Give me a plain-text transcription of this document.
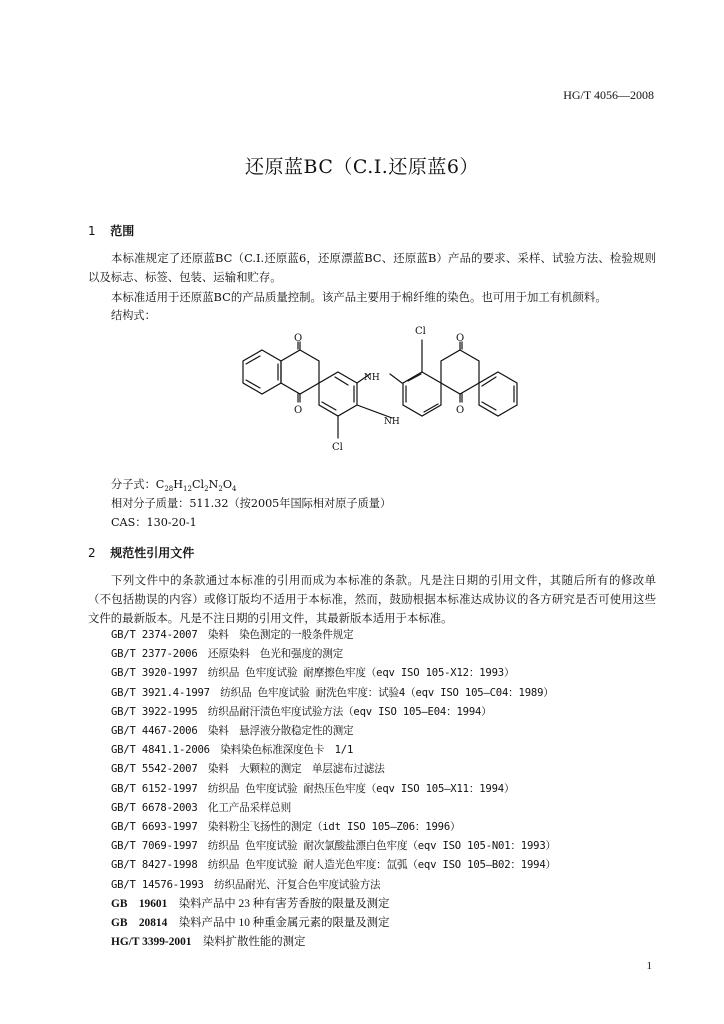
HG/T 4056—2008
还原蓝BC（C.I.还原蓝6）
1 范围
本标准规定了还原蓝BC（C.I.还原蓝6，还原漂蓝BC、还原蓝B）产品的要求、采样、试验方法、检验规则以及标志、标签、包装、运输和贮存。
本标准适用于还原蓝BC的产品质量控制。该产品主要用于棉纤维的染色。也可用于加工有机颜料。
结构式：
Cl
O	O
NH
NH
O	O
Cl
分子式：$C_{28}H_{12}Cl_2N_2O_4$
相对分子质量：511.32（按2005年国际相对原子质量）
CAS：130-20-1
2 规范性引用文件
下列文件中的条款通过本标准的引用而成为本标准的条款。凡是注日期的引用文件，其随后所有的修改单（不包括勘误的内容）或修订版均不适用于本标准，然而，鼓励根据本标准达成协议的各方研究是否可使用这些文件的最新版本。凡是不注日期的引用文件，其最新版本适用于本标准。
GB/T 2374-2007　 染料　染色测定的一般条件规定
GB/T 2377-2006　 还原染料　色光和强度的测定
GB/T 3920-1997　 纺织品 色牢度试验 耐摩擦色牢度（eqv ISO 105-X12：1993）
GB/T 3921.4-1997　 纺织品 色牢度试验 耐洗色牢度：试验4（eqv ISO 105—C04：1989）
GB/T 3922-1995　 纺织品耐汗渍色牢度试验方法（eqv ISO 105—E04：1994）
GB/T 4467-2006　 染料　悬浮液分散稳定性的测定
GB/T 4841.1-2006　 染料染色标准深度色卡　1/1
GB/T 5542-2007　 染料　大颗粒的测定　单层滤布过滤法
GB/T 6152-1997　 纺织品 色牢度试验 耐热压色牢度（eqv ISO 105—X11：1994）
GB/T 6678-2003　 化工产品采样总则
GB/T 6693-1997　 染料粉尘飞扬性的测定（idt ISO 105—Z06：1996）
GB/T 7069-1997　 纺织品 色牢度试验 耐次氯酸盐漂白色牢度（eqv ISO 105-N01：1993）
GB/T 8427-1998　 纺织品 色牢度试验 耐人造光色牢度：氙弧（eqv ISO 105—B02：1994）
GB/T 14576-1993　 纺织品耐光、汗复合色牢度试验方法
GB　19601　 染料产品中 23 种有害芳香胺的限量及测定
GB　20814　 染料产品中 10 种重金属元素的限量及测定
HG/T 3399-2001　 染料扩散性能的测定
1
